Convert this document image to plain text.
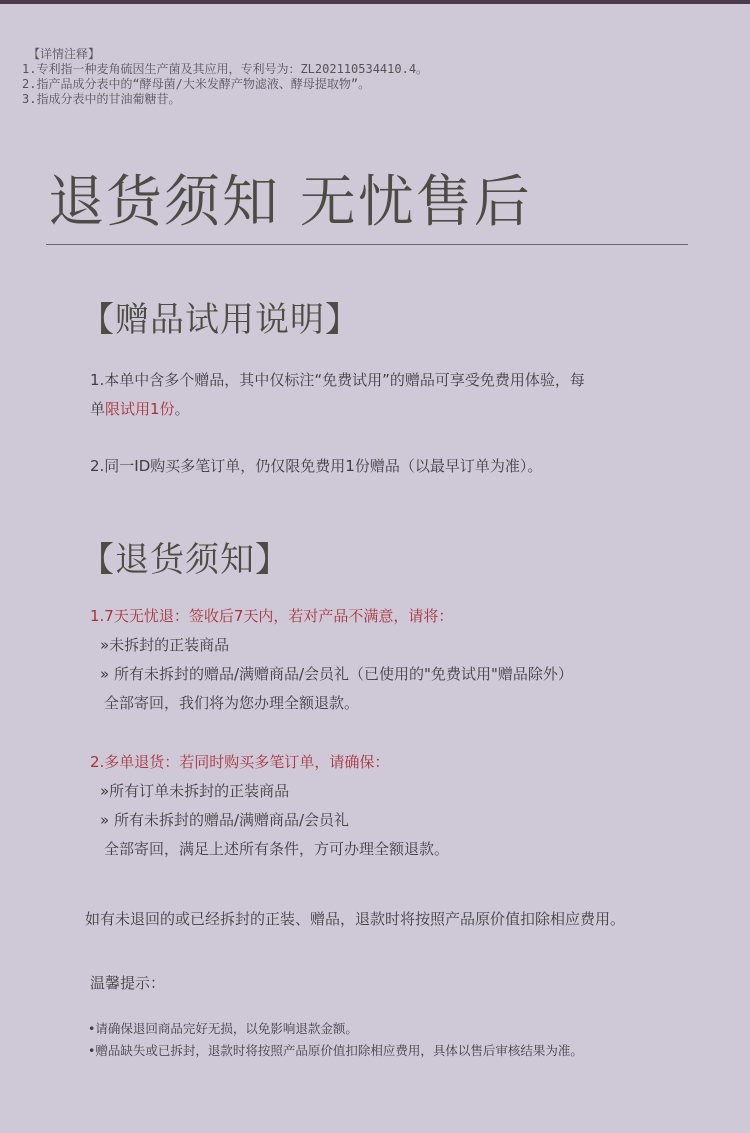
【详情注释】
1.专利指一种麦角硫因生产菌及其应用，专利号为：ZL202110534410.4。
2.指产品成分表中的“酵母菌/大米发酵产物滤液、酵母提取物”。
3.指成分表中的甘油葡糖苷。
退货须知 无忧售后
【赠品试用说明】
1.本单中含多个赠品，其中仅标注“免费试用”的赠品可享受免费用体验，每
单限试用1份。
2.同一ID购买多笔订单，仍仅限免费用1份赠品（以最早订单为准）。
【退货须知】
1.7天无忧退：签收后7天内，若对产品不满意，请将：
»未拆封的正装商品
» 所有未拆封的赠品/满赠商品/会员礼（已使用的"免费试用"赠品除外）
全部寄回，我们将为您办理全额退款。
2.多单退货：若同时购买多笔订单，请确保：
»所有订单未拆封的正装商品
» 所有未拆封的赠品/满赠商品/会员礼
全部寄回，满足上述所有条件，方可办理全额退款。
如有未退回的或已经拆封的正装、赠品，退款时将按照产品原价值扣除相应费用。
温馨提示：
•请确保退回商品完好无损，以免影响退款金额。
•赠品缺失或已拆封，退款时将按照产品原价值扣除相应费用，具体以售后审核结果为准。
